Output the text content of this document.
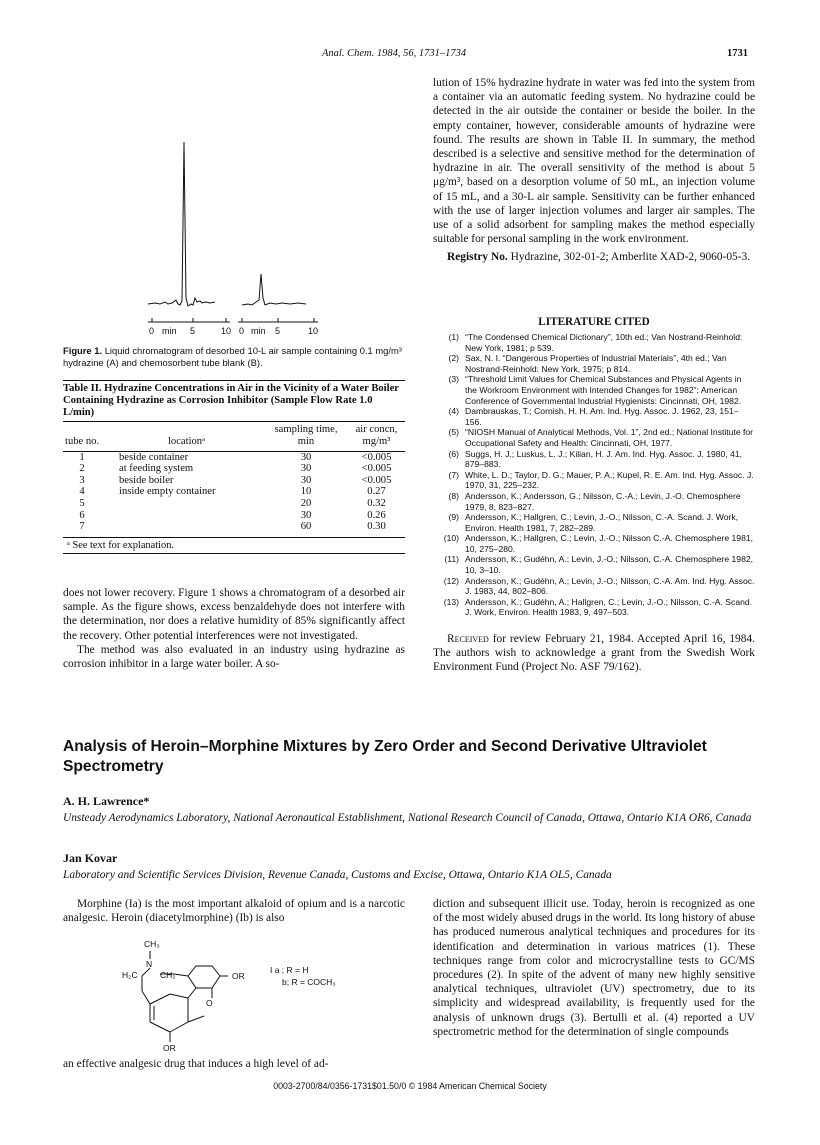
Anal. Chem. 1984, 56, 1731–1734	1731
0 min 5	10 0 min 5	10
Figure 1. Liquid chromatogram of desorbed 10-L air sample containing 0.1 mg/m³ hydrazine (A) and chemosorbent tube blank (B).
Table II. Hydrazine Concentrations in Air in the Vicinity of a Water Boiler Containing Hydrazine as Corrosion Inhibitor (Sample Flow Rate 1.0 L/min)
tube no.	locationᵃ	sampling time, min	air concn, mg/m³

1	beside container	30	<0.005
2	at feeding system	30	<0.005
3	beside boiler	30	<0.005
4	inside empty container	10	0.27
5		20	0.32
6		30	0.26
7		60	0.30

ᵃ See text for explanation.

does not lower recovery. Figure 1 shows a chromatogram of a desorbed air sample. As the figure shows, excess benzaldehyde does not interfere with the determination, nor does a relative humidity of 85% significantly affect the recovery. Other potential interferences were not investigated.

The method was also evaluated in an industry using hydrazine as corrosion inhibitor in a large water boiler. A so-

lution of 15% hydrazine hydrate in water was fed into the system from a container via an automatic feeding system. No hydrazine could be detected in the air outside the container or beside the boiler. In the empty container, however, considerable amounts of hydrazine were found. The results are shown in Table II. In summary, the method described is a selective and sensitive method for the determination of hydrazine in air. The overall sensitivity of the method is about 5 μg/m³, based on a desorption volume of 50 mL, an injection volume of 15 mL, and a 30-L air sample. Sensitivity can be further enhanced with the use of larger injection volumes and larger air samples. The use of a solid adsorbent for sampling makes the method especially suitable for personal sampling in the work environment.

Registry No. Hydrazine, 302-01-2; Amberlite XAD-2, 9060-05-3.

LITERATURE CITED
(1) “The Condensed Chemical Dictionary”, 10th ed.; Van Nostrand-Reinhold: New York, 1981; p 539.
(2) Sax, N. I. “Dangerous Properties of Industrial Materials”, 4th ed.; Van Nostrand-Reinhold: New York, 1975; p 814.
(3) “Threshold Limit Values for Chemical Substances and Physical Agents in the Workroom Environment with Intended Changes for 1982”; American Conference of Governmental Industrial Hygienists: Cincinnati, OH, 1982.
(4) Dambrauskas, T.; Cornish, H. H. Am. Ind. Hyg. Assoc. J. 1962, 23, 151–156.
(5) “NIOSH Manual of Analytical Methods, Vol. 1”, 2nd ed.; National Institute for Occupational Safety and Health: Cincinnati, OH, 1977.
(6) Suggs, H. J.; Luskus, L. J.; Kilian, H. J. Am. Ind. Hyg. Assoc. J. 1980, 41, 879–883.
(7) White, L. D.; Taylor, D. G.; Mauer, P. A.; Kupel, R. E. Am. Ind. Hyg. Assoc. J. 1970, 31, 225–232.
(8) Andersson, K.; Andersson, G.; Nilsson, C.-A.; Levin, J.-O. Chemosphere 1979, 8, 823–827.
(9) Andersson, K.; Hallgren, C.; Levin, J.-O.; Nilsson, C.-A. Scand. J. Work, Environ. Health 1981, 7, 282–289.
(10) Andersson, K.; Hallgren, C.; Levin, J.-O.; Nilsson C.-A. Chemosphere 1981, 10, 275–280.
(11) Andersson, K.; Gudéhn, A.; Levin, J.-O.; Nilsson, C.-A. Chemosphere 1982, 10, 3–10.
(12) Andersson, K.; Gudéhn, A.; Levin, J.-O.; Nilsson, C.-A. Am. Ind. Hyg. Assoc. J. 1983, 44, 802–806.
(13) Andersson, K.; Gudéhn, A.; Hallgren, C.; Levin, J.-O.; Nilsson, C.-A. Scand. J. Work, Environ. Health 1983, 9, 497–503.

Received for review February 21, 1984. Accepted April 16, 1984. The authors wish to acknowledge a grant from the Swedish Work Environment Fund (Project No. ASF 79/162).

Analysis of Heroin–Morphine Mixtures by Zero Order and Second Derivative Ultraviolet Spectrometry
A. H. Lawrence*
Unsteady Aerodynamics Laboratory, National Aeronautical Establishment, National Research Council of Canada, Ottawa, Ontario K1A OR6, Canada
Jan Kovar
Laboratory and Scientific Services Division, Revenue Canada, Customs and Excise, Ottawa, Ontario K1A OL5, Canada

Morphine (Ia) is the most important alkaloid of opium and is a narcotic analgesic. Heroin (diacetylmorphine) (Ib) is also

CH₃
N
H₂C	CH₂	OR
O
OR
I a ; R = H
b; R = COCH₃

an effective analgesic drug that induces a high level of ad-

diction and subsequent illicit use. Today, heroin is recognized as one of the most widely abused drugs in the world. Its long history of abuse has produced numerous analytical techniques and procedures for its identification and determination in various matrices (1). These techniques range from color and microcrystalline tests to GC/MS procedures (2). In spite of the advent of many new highly sensitive analytical techniques, ultraviolet (UV) spectrometry, due to its simplicity and widespread availability, is frequently used for the analysis of unknown drugs (3). Bertulli et al. (4) reported a UV spectrometric method for the determination of single compounds

0003-2700/84/0356-1731$01.50/0 © 1984 American Chemical Society
